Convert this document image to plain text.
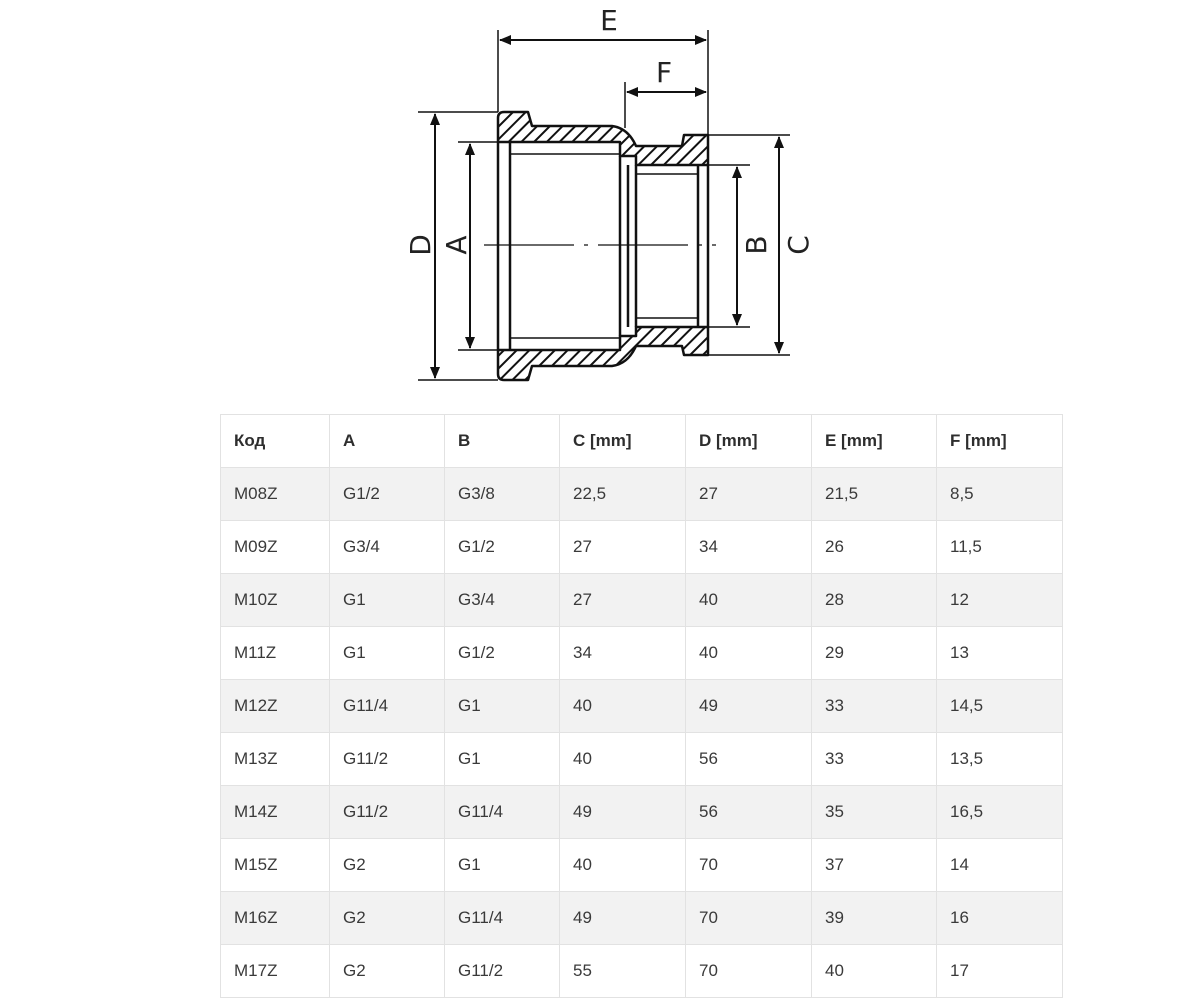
E
F
D A	B C
Код	A	B	C [mm]	D [mm]	E [mm]	F [mm]
M08Z	G1/2	G3/8	22,5	27	21,5	8,5
M09Z	G3/4	G1/2	27	34	26	11,5
M10Z	G1	G3/4	27	40	28	12
M11Z	G1	G1/2	34	40	29	13
M12Z	G11/4	G1	40	49	33	14,5
M13Z	G11/2	G1	40	56	33	13,5
M14Z	G11/2	G11/4	49	56	35	16,5
M15Z	G2	G1	40	70	37	14
M16Z	G2	G11/4	49	70	39	16
M17Z	G2	G11/2	55	70	40	17
